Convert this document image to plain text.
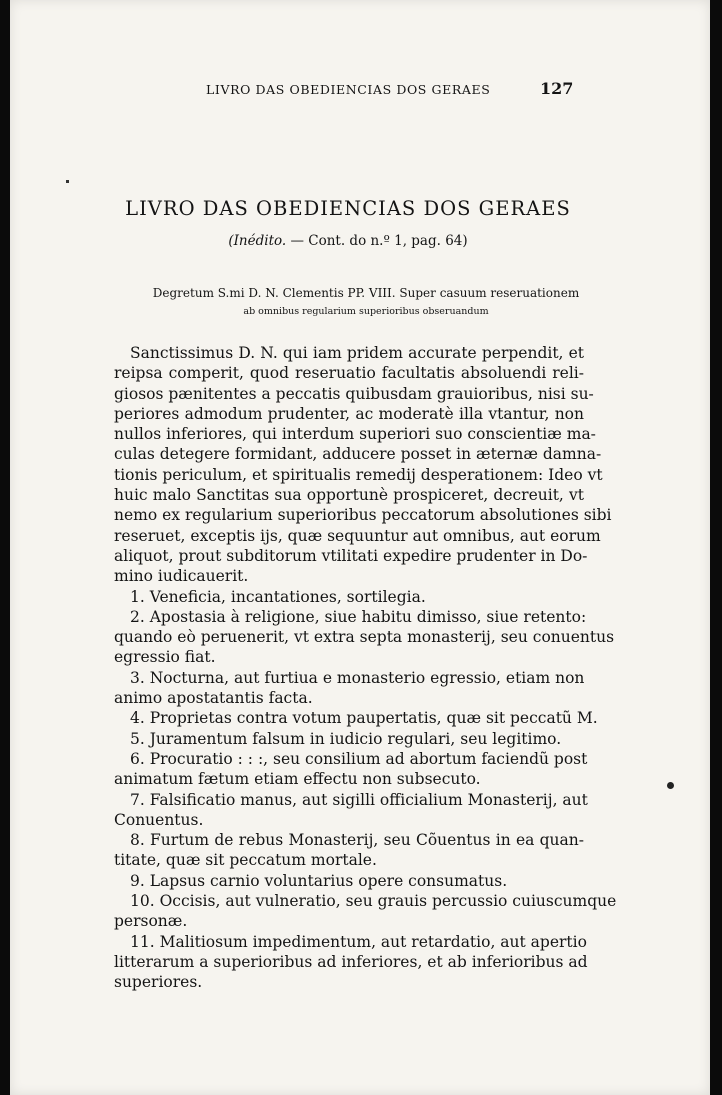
LIVRO DAS OBEDIENCIAS DOS GERAES	127
LIVRO DAS OBEDIENCIAS DOS GERAES
(Inédito. — Cont. do n.º 1, pag. 64)
Degretum S.mi D. N. Clementis PP. VIII. Super casuum reseruationem
ab omnibus regularium superioribus obseruandum
Sanctissimus D. N. qui iam pridem accurate perpendit, et
reipsa comperit, quod reseruatio facultatis absoluendi reli-
giosos pænitentes a peccatis quibusdam grauioribus, nisi su-
periores admodum prudenter, ac moderatè illa vtantur, non
nullos inferiores, qui interdum superiori suo conscientiæ ma-
culas detegere formidant, adducere posset in æternæ damna-
tionis periculum, et spiritualis remedij desperationem: Ideo vt
huic malo Sanctitas sua opportunè prospiceret, decreuit, vt
nemo ex regularium superioribus peccatorum absolutiones sibi
reseruet, exceptis ijs, quæ sequuntur aut omnibus, aut eorum
aliquot, prout subditorum vtilitati expedire prudenter in Do-
mino iudicauerit.
1. Veneficia, incantationes, sortilegia.
2. Apostasia à religione, siue habitu dimisso, siue retento:
quando eò peruenerit, vt extra septa monasterij, seu conuentus
egressio fiat.
3. Nocturna, aut furtiua e monasterio egressio, etiam non
animo apostatantis facta.
4. Proprietas contra votum paupertatis, quæ sit peccatũ M.
5. Juramentum falsum in iudicio regulari, seu legitimo.
6. Procuratio : : :, seu consilium ad abortum faciendũ post
animatum fætum etiam effectu non subsecuto.
7. Falsificatio manus, aut sigilli officialium Monasterij, aut
Conuentus.
8. Furtum de rebus Monasterij, seu Cõuentus in ea quan-
titate, quæ sit peccatum mortale.
9. Lapsus carnio voluntarius opere consumatus.
10. Occisis, aut vulneratio, seu grauis percussio cuiuscumque
personæ.
11. Malitiosum impedimentum, aut retardatio, aut apertio
litterarum a superioribus ad inferiores, et ab inferioribus ad
superiores.
